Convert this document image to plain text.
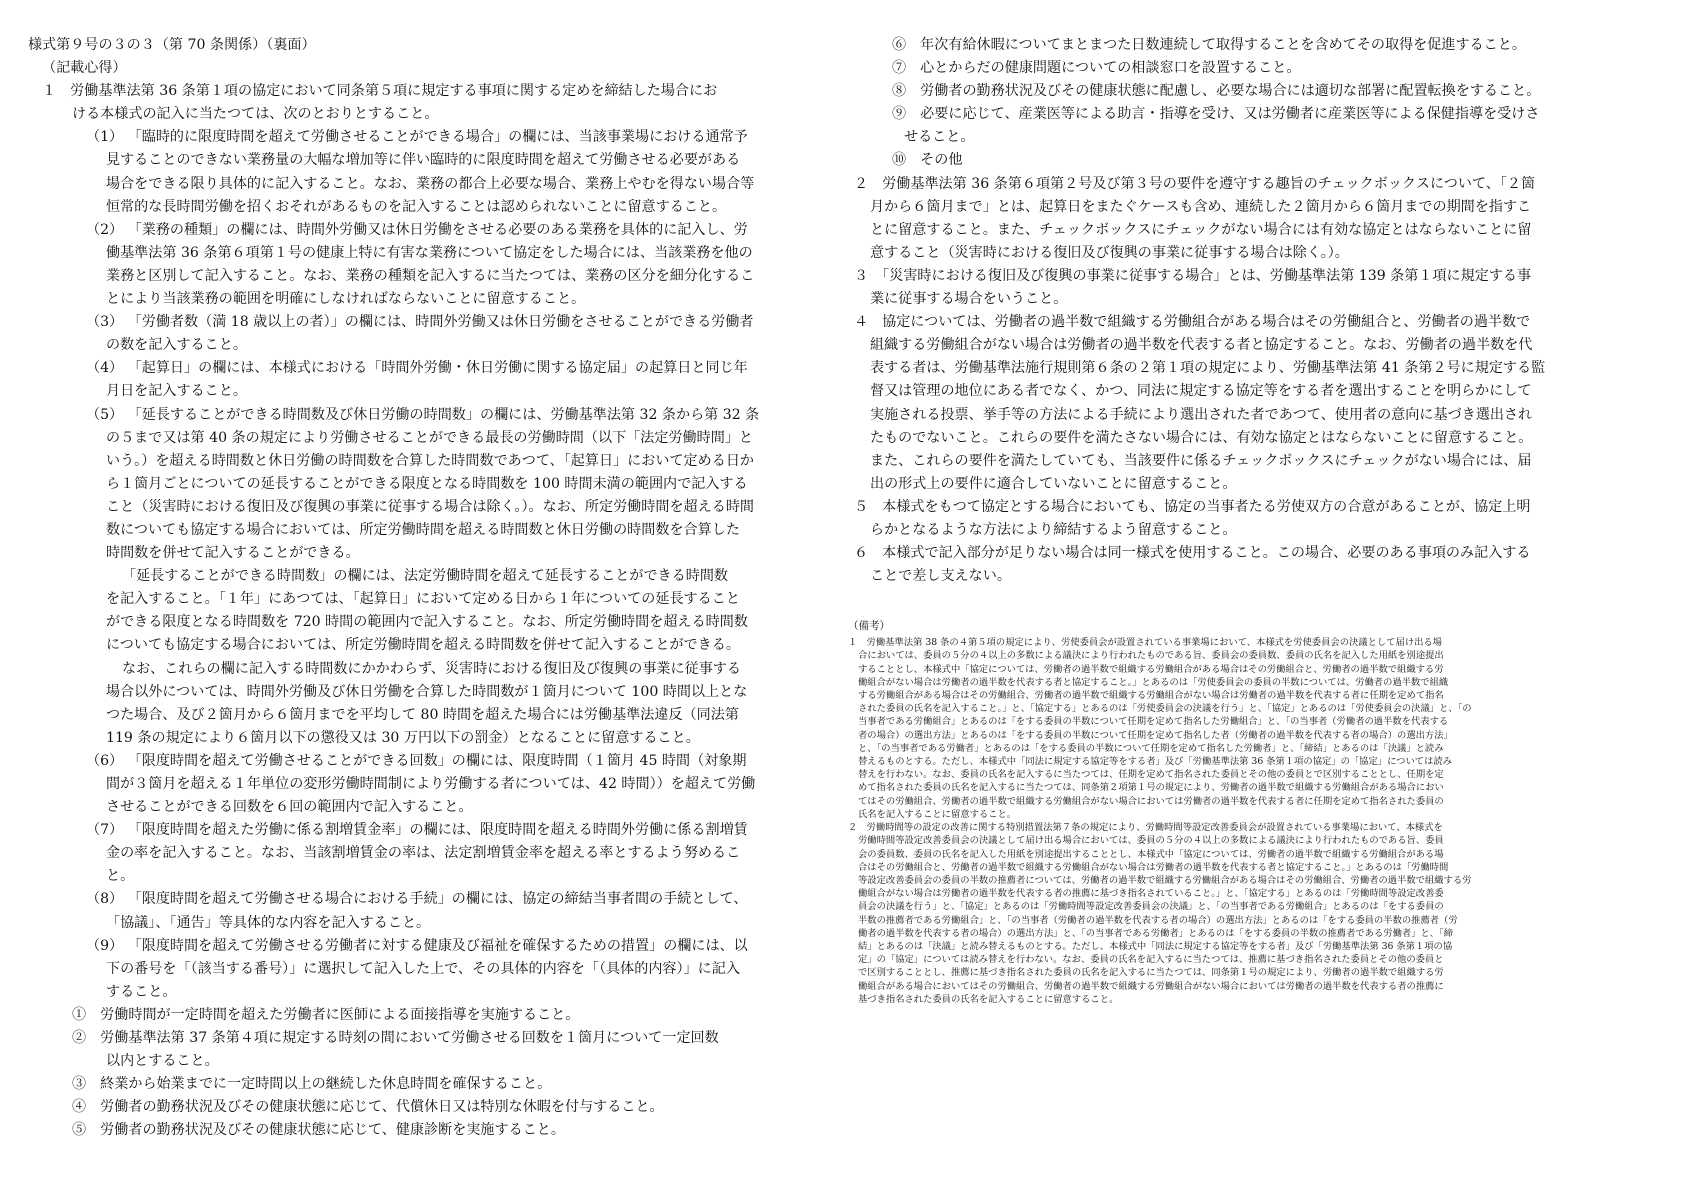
様式第９号の３の３（第 70 条関係）（裏面）

（記載心得）

１　労働基準法第 36 条第１項の協定において同条第５項に規定する事項に関する定めを締結した場合にお

ける本様式の記入に当たつては、次のとおりとすること。

（1） 「臨時的に限度時間を超えて労働させることができる場合」の欄には、当該事業場における通常予

見することのできない業務量の大幅な増加等に伴い臨時的に限度時間を超えて労働させる必要がある

場合をできる限り具体的に記入すること。なお、業務の都合上必要な場合、業務上やむを得ない場合等

恒常的な長時間労働を招くおそれがあるものを記入することは認められないことに留意すること。

（2） 「業務の種類」の欄には、時間外労働又は休日労働をさせる必要のある業務を具体的に記入し、労

働基準法第 36 条第６項第１号の健康上特に有害な業務について協定をした場合には、当該業務を他の

業務と区別して記入すること。なお、業務の種類を記入するに当たつては、業務の区分を細分化するこ

とにより当該業務の範囲を明確にしなければならないことに留意すること。

（3） 「労働者数（満 18 歳以上の者）」の欄には、時間外労働又は休日労働をさせることができる労働者

の数を記入すること。

（4） 「起算日」の欄には、本様式における「時間外労働・休日労働に関する協定届」の起算日と同じ年

月日を記入すること。

（5） 「延長することができる時間数及び休日労働の時間数」の欄には、労働基準法第 32 条から第 32 条

の５まで又は第 40 条の規定により労働させることができる最長の労働時間（以下「法定労働時間」と

いう。）を超える時間数と休日労働の時間数を合算した時間数であつて、「起算日」において定める日か

ら１箇月ごとについての延長することができる限度となる時間数を 100 時間未満の範囲内で記入する

こと（災害時における復旧及び復興の事業に従事する場合は除く。）。なお、所定労働時間を超える時間

数についても協定する場合においては、所定労働時間を超える時間数と休日労働の時間数を合算した

時間数を併せて記入することができる。

「延長することができる時間数」の欄には、法定労働時間を超えて延長することができる時間数

を記入すること。「１年」にあつては、「起算日」において定める日から１年についての延長すること

ができる限度となる時間数を 720 時間の範囲内で記入すること。なお、所定労働時間を超える時間数

についても協定する場合においては、所定労働時間を超える時間数を併せて記入することができる。

なお、これらの欄に記入する時間数にかかわらず、災害時における復旧及び復興の事業に従事する

場合以外については、時間外労働及び休日労働を合算した時間数が１箇月について 100 時間以上とな

つた場合、及び２箇月から６箇月までを平均して 80 時間を超えた場合には労働基準法違反（同法第

119 条の規定により６箇月以下の懲役又は 30 万円以下の罰金）となることに留意すること。

（6） 「限度時間を超えて労働させることができる回数」の欄には、限度時間（１箇月 45 時間（対象期

間が３箇月を超える１年単位の変形労働時間制により労働する者については、42 時間））を超えて労働

させることができる回数を６回の範囲内で記入すること。

（7） 「限度時間を超えた労働に係る割増賃金率」の欄には、限度時間を超える時間外労働に係る割増賃

金の率を記入すること。なお、当該割増賃金の率は、法定割増賃金率を超える率とするよう努めるこ

と。

（8） 「限度時間を超えて労働させる場合における手続」の欄には、協定の締結当事者間の手続として、

「協議」、「通告」等具体的な内容を記入すること。

（9） 「限度時間を超えて労働させる労働者に対する健康及び福祉を確保するための措置」の欄には、以

下の番号を「（該当する番号）」に選択して記入した上で、その具体的内容を「（具体的内容）」に記入

すること。

①　労働時間が一定時間を超えた労働者に医師による面接指導を実施すること。

②　労働基準法第 37 条第４項に規定する時刻の間において労働させる回数を１箇月について一定回数

以内とすること。

③　終業から始業までに一定時間以上の継続した休息時間を確保すること。

④　労働者の勤務状況及びその健康状態に応じて、代償休日又は特別な休暇を付与すること。

⑤　労働者の勤務状況及びその健康状態に応じて、健康診断を実施すること。

⑥　年次有給休暇についてまとまつた日数連続して取得することを含めてその取得を促進すること。

⑦　心とからだの健康問題についての相談窓口を設置すること。

⑧　労働者の勤務状況及びその健康状態に配慮し、必要な場合には適切な部署に配置転換をすること。

⑨　必要に応じて、産業医等による助言・指導を受け、又は労働者に産業医等による保健指導を受けさ

せること。

⑩　その他

２　労働基準法第 36 条第６項第２号及び第３号の要件を遵守する趣旨のチェックボックスについて、「２箇

月から６箇月まで」とは、起算日をまたぐケースも含め、連続した２箇月から６箇月までの期間を指すこ

とに留意すること。また、チェックボックスにチェックがない場合には有効な協定とはならないことに留

意すること（災害時における復旧及び復興の事業に従事する場合は除く。）。

３　「災害時における復旧及び復興の事業に従事する場合」とは、労働基準法第 139 条第１項に規定する事

業に従事する場合をいうこと。

４　協定については、労働者の過半数で組織する労働組合がある場合はその労働組合と、労働者の過半数で

組織する労働組合がない場合は労働者の過半数を代表する者と協定すること。なお、労働者の過半数を代

表する者は、労働基準法施行規則第６条の２第１項の規定により、労働基準法第 41 条第２号に規定する監

督又は管理の地位にある者でなく、かつ、同法に規定する協定等をする者を選出することを明らかにして

実施される投票、挙手等の方法による手続により選出された者であつて、使用者の意向に基づき選出され

たものでないこと。これらの要件を満たさない場合には、有効な協定とはならないことに留意すること。

また、これらの要件を満たしていても、当該要件に係るチェックボックスにチェックがない場合には、届

出の形式上の要件に適合していないことに留意すること。

５　本様式をもつて協定とする場合においても、協定の当事者たる労使双方の合意があることが、協定上明

らかとなるような方法により締結するよう留意すること。

６　本様式で記入部分が足りない場合は同一様式を使用すること。この場合、必要のある事項のみ記入する

ことで差し支えない。

（備考）

１　労働基準法第 38 条の４第５項の規定により、労使委員会が設置されている事業場において、本様式を労使委員会の決議として届け出る場

合においては、委員の５分の４以上の多数による議決により行われたものである旨、委員会の委員数、委員の氏名を記入した用紙を別途提出

することとし、本様式中「協定については、労働者の過半数で組織する労働組合がある場合はその労働組合と、労働者の過半数で組織する労

働組合がない場合は労働者の過半数を代表する者と協定すること。」とあるのは「労使委員会の委員の半数については、労働者の過半数で組織

する労働組合がある場合はその労働組合、労働者の過半数で組織する労働組合がない場合は労働者の過半数を代表する者に任期を定めて指名

された委員の氏名を記入すること。」と、「協定する」とあるのは「労使委員会の決議を行う」と、「協定」とあるのは「労使委員会の決議」と、「の

当事者である労働組合」とあるのは「をする委員の半数について任期を定めて指名した労働組合」と、「の当事者（労働者の過半数を代表する

者の場合）の選出方法」とあるのは「をする委員の半数について任期を定めて指名した者（労働者の過半数を代表する者の場合）の選出方法」

と、「の当事者である労働者」とあるのは「をする委員の半数について任期を定めて指名した労働者」と、「締結」とあるのは「決議」と読み

替えるものとする。ただし、本様式中「同法に規定する協定等をする者」及び「労働基準法第 36 条第１項の協定」の「協定」については読み

替えを行わない。なお、委員の氏名を記入するに当たつては、任期を定めて指名された委員とその他の委員とで区別することとし、任期を定

めて指名された委員の氏名を記入するに当たつては、同条第２項第１号の規定により、労働者の過半数で組織する労働組合がある場合におい

てはその労働組合、労働者の過半数で組織する労働組合がない場合においては労働者の過半数を代表する者に任期を定めて指名された委員の

氏名を記入することに留意すること。

２　労働時間等の設定の改善に関する特別措置法第７条の規定により、労働時間等設定改善委員会が設置されている事業場において、本様式を

労働時間等設定改善委員会の決議として届け出る場合においては、委員の５分の４以上の多数による議決により行われたものである旨、委員

会の委員数、委員の氏名を記入した用紙を別途提出することとし、本様式中「協定については、労働者の過半数で組織する労働組合がある場

合はその労働組合と、労働者の過半数で組織する労働組合がない場合は労働者の過半数を代表する者と協定すること。」とあるのは「労働時間

等設定改善委員会の委員の半数の推薦者については、労働者の過半数で組織する労働組合がある場合はその労働組合、労働者の過半数で組織する労

働組合がない場合は労働者の過半数を代表する者の推薦に基づき指名されていること。」と、「協定する」とあるのは「労働時間等設定改善委

員会の決議を行う」と、「協定」とあるのは「労働時間等設定改善委員会の決議」と、「の当事者である労働組合」とあるのは「をする委員の

半数の推薦者である労働組合」と、「の当事者（労働者の過半数を代表する者の場合）の選出方法」とあるのは「をする委員の半数の推薦者（労

働者の過半数を代表する者の場合）の選出方法」と、「の当事者である労働者」とあるのは「をする委員の半数の推薦者である労働者」と、「締

結」とあるのは「決議」と読み替えるものとする。ただし、本様式中「同法に規定する協定等をする者」及び「労働基準法第 36 条第１項の協

定」の「協定」については読み替えを行わない。なお、委員の氏名を記入するに当たつては、推薦に基づき指名された委員とその他の委員と

で区別することとし、推薦に基づき指名された委員の氏名を記入するに当たつては、同条第１号の規定により、労働者の過半数で組織する労

働組合がある場合においてはその労働組合、労働者の過半数で組織する労働組合がない場合においては労働者の過半数を代表する者の推薦に

基づき指名された委員の氏名を記入することに留意すること。
